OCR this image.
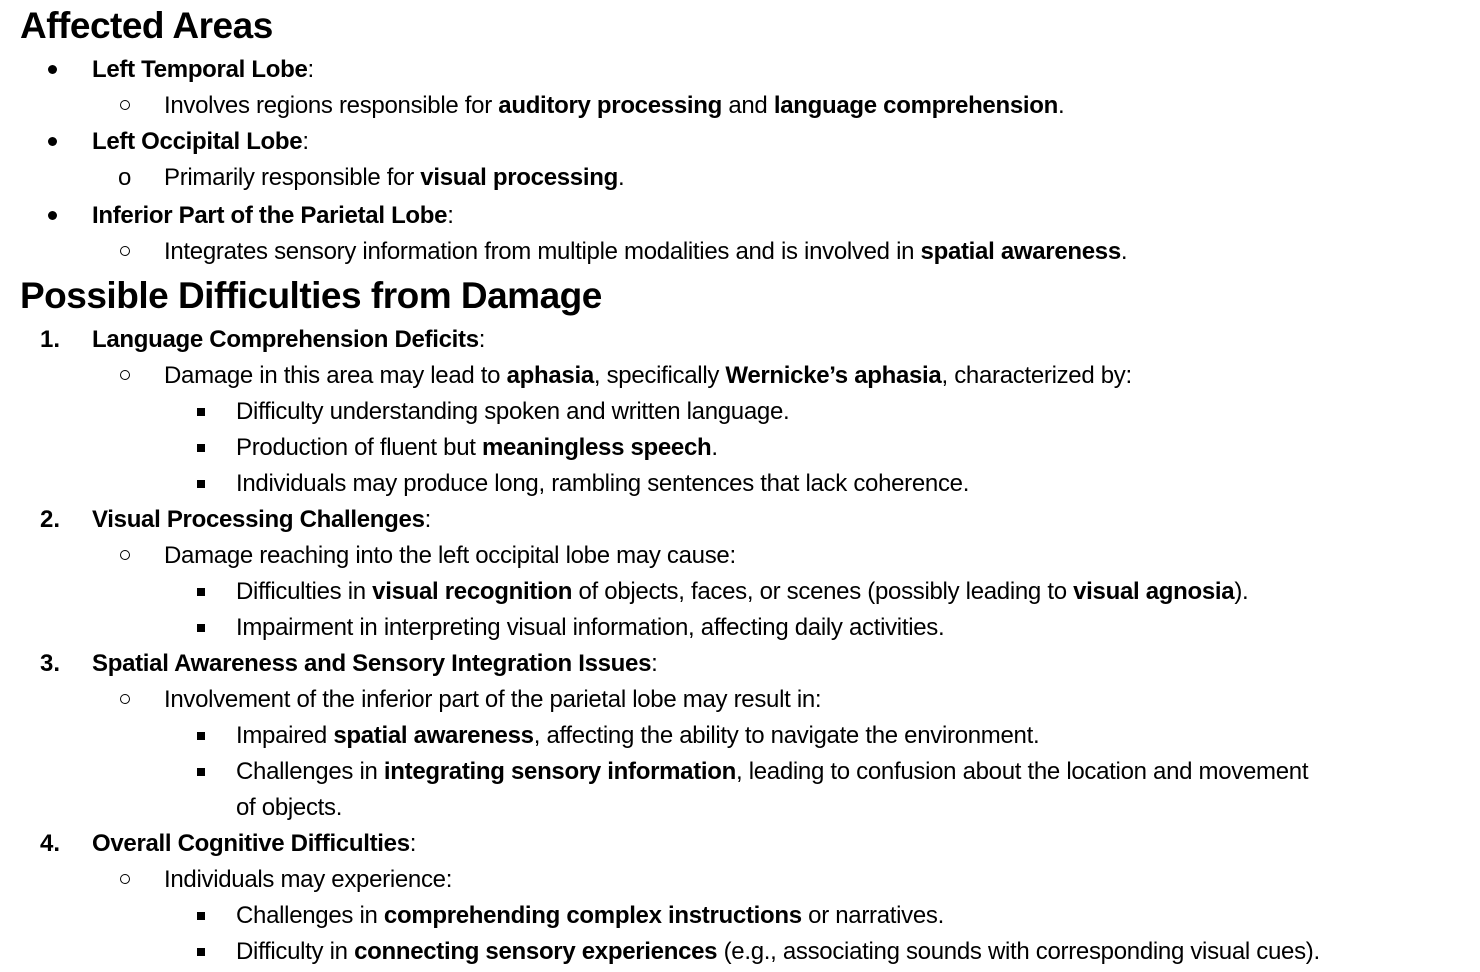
Affected Areas
Left Temporal Lobe:
Involves regions responsible for auditory processing and language comprehension.
Left Occipital Lobe:
o Primarily responsible for visual processing.
Inferior Part of the Parietal Lobe:
Integrates sensory information from multiple modalities and is involved in spatial awareness.
Possible Difficulties from Damage
1. Language Comprehension Deficits:
Damage in this area may lead to aphasia, specifically Wernicke’s aphasia, characterized by:
Difficulty understanding spoken and written language.
Production of fluent but meaningless speech.
Individuals may produce long, rambling sentences that lack coherence.
2. Visual Processing Challenges:
Damage reaching into the left occipital lobe may cause:
Difficulties in visual recognition of objects, faces, or scenes (possibly leading to visual agnosia).
Impairment in interpreting visual information, affecting daily activities.
3. Spatial Awareness and Sensory Integration Issues:
Involvement of the inferior part of the parietal lobe may result in:
Impaired spatial awareness, affecting the ability to navigate the environment.
Challenges in integrating sensory information, leading to confusion about the location and movement
of objects.
4. Overall Cognitive Difficulties:
Individuals may experience:
Challenges in comprehending complex instructions or narratives.
Difficulty in connecting sensory experiences (e.g., associating sounds with corresponding visual cues).
